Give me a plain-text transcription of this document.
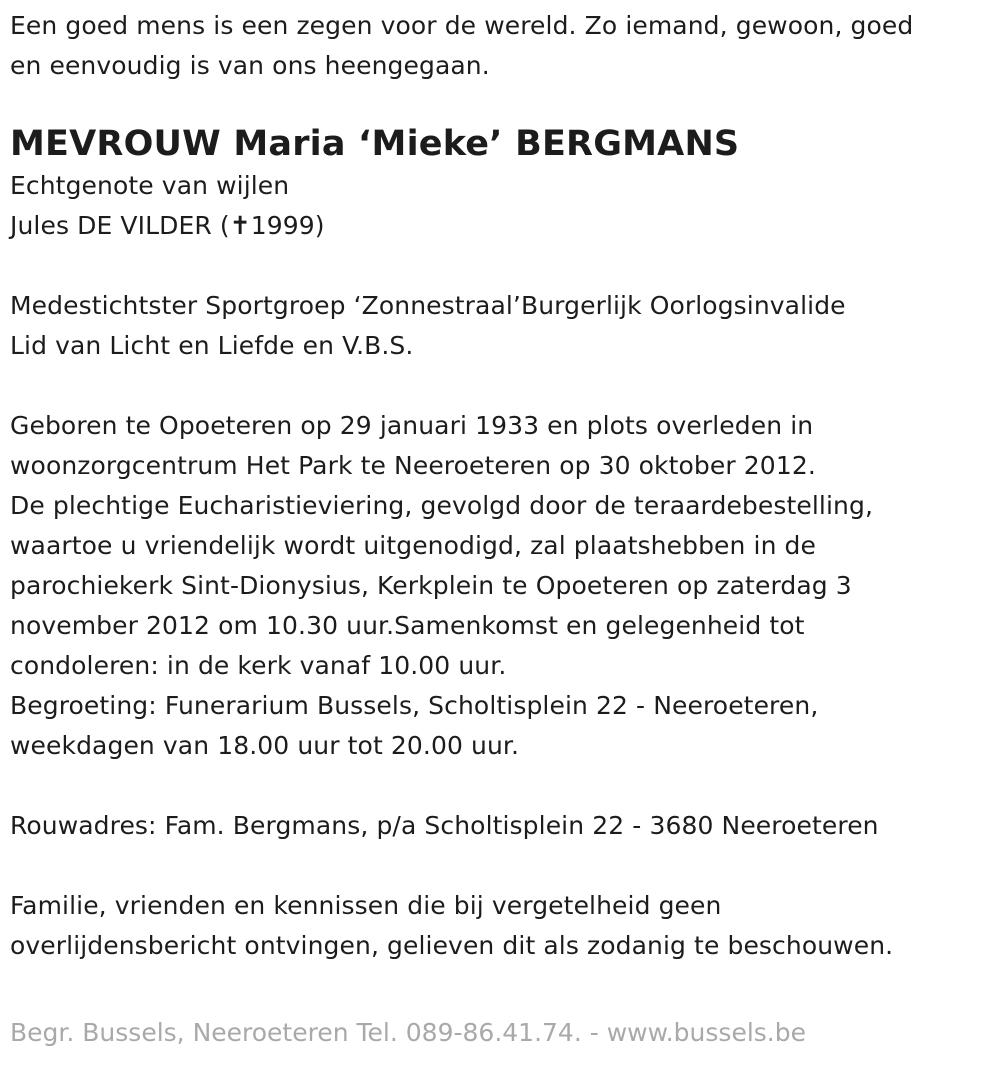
Een goed mens is een zegen voor de wereld. Zo iemand, gewoon, goed
en eenvoudig is van ons heengegaan.
MEVROUW Maria ‘Mieke’ BERGMANS
Echtgenote van wijlen
Jules DE VILDER (✝1999)
Medestichtster Sportgroep ‘Zonnestraal’Burgerlijk Oorlogsinvalide
Lid van Licht en Liefde en V.B.S.
Geboren te Opoeteren op 29 januari 1933 en plots overleden in
woonzorgcentrum Het Park te Neeroeteren op 30 oktober 2012.
De plechtige Eucharistieviering, gevolgd door de teraardebestelling,
waartoe u vriendelijk wordt uitgenodigd, zal plaatshebben in de
parochiekerk Sint-Dionysius, Kerkplein te Opoeteren op zaterdag 3
november 2012 om 10.30 uur.Samenkomst en gelegenheid tot
condoleren: in de kerk vanaf 10.00 uur.
Begroeting: Funerarium Bussels, Scholtisplein 22 - Neeroeteren,
weekdagen van 18.00 uur tot 20.00 uur.
Rouwadres: Fam. Bergmans, p/a Scholtisplein 22 - 3680 Neeroeteren
Familie, vrienden en kennissen die bij vergetelheid geen
overlijdensbericht ontvingen, gelieven dit als zodanig te beschouwen.
Begr. Bussels, Neeroeteren Tel. 089-86.41.74. - www.bussels.be
